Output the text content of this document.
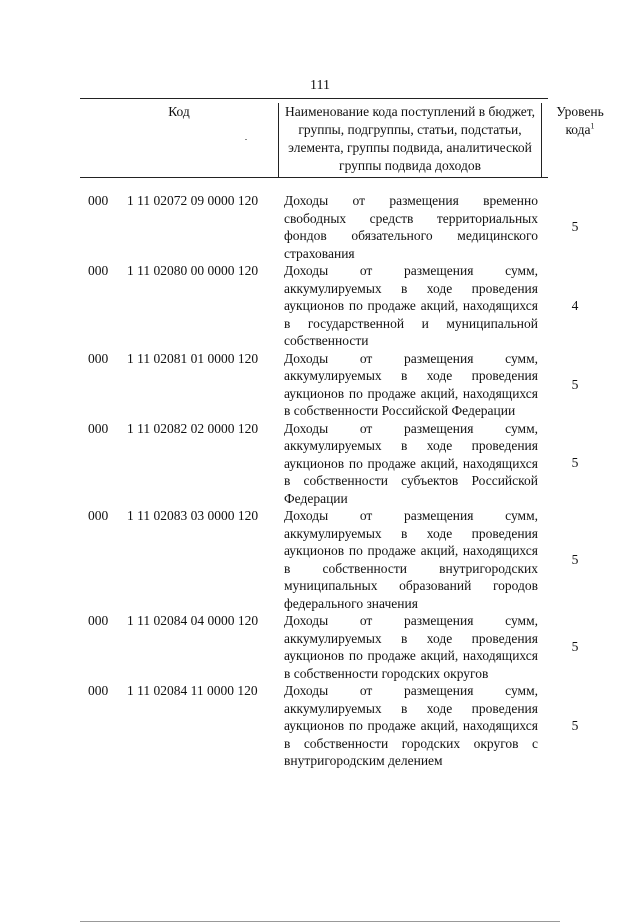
111
Код	Наименование кода поступлений в бюджет, группы, подгруппы, статьи, подстатьи, элемента, группы подвида, аналитической группы подвида доходов
Уровень кода$^1$
000 1 11 02072 09 0000 120 Доходы от размещения временно свободных средств территориальных фондов обязательного медицинского страхования
5
000 1 11 02080 00 0000 120 Доходы от размещения сумм, аккумулируемых в ходе проведения аукционов по продаже акций, находящихся в государственной и муниципальной собственности
4
000 1 11 02081 01 0000 120 Доходы от размещения сумм, аккумулируемых в ходе проведения аукционов по продаже акций, находящихся в собственности Российской Федерации
5
000 1 11 02082 02 0000 120 Доходы от размещения сумм, аккумулируемых в ходе проведения аукционов по продаже акций, находящихся в собственности субъектов Российской Федерации
5
000 1 11 02083 03 0000 120 Доходы от размещения сумм, аккумулируемых в ходе проведения аукционов по продаже акций, находящихся в собственности внутригородских муниципальных образований городов федерального значения
5
000 1 11 02084 04 0000 120 Доходы от размещения сумм, аккумулируемых в ходе проведения аукционов по продаже акций, находящихся в собственности городских округов
5
000 1 11 02084 11 0000 120 Доходы от размещения сумм, аккумулируемых в ходе проведения аукционов по продаже акций, находящихся в собственности городских округов с внутригородским делением
5
